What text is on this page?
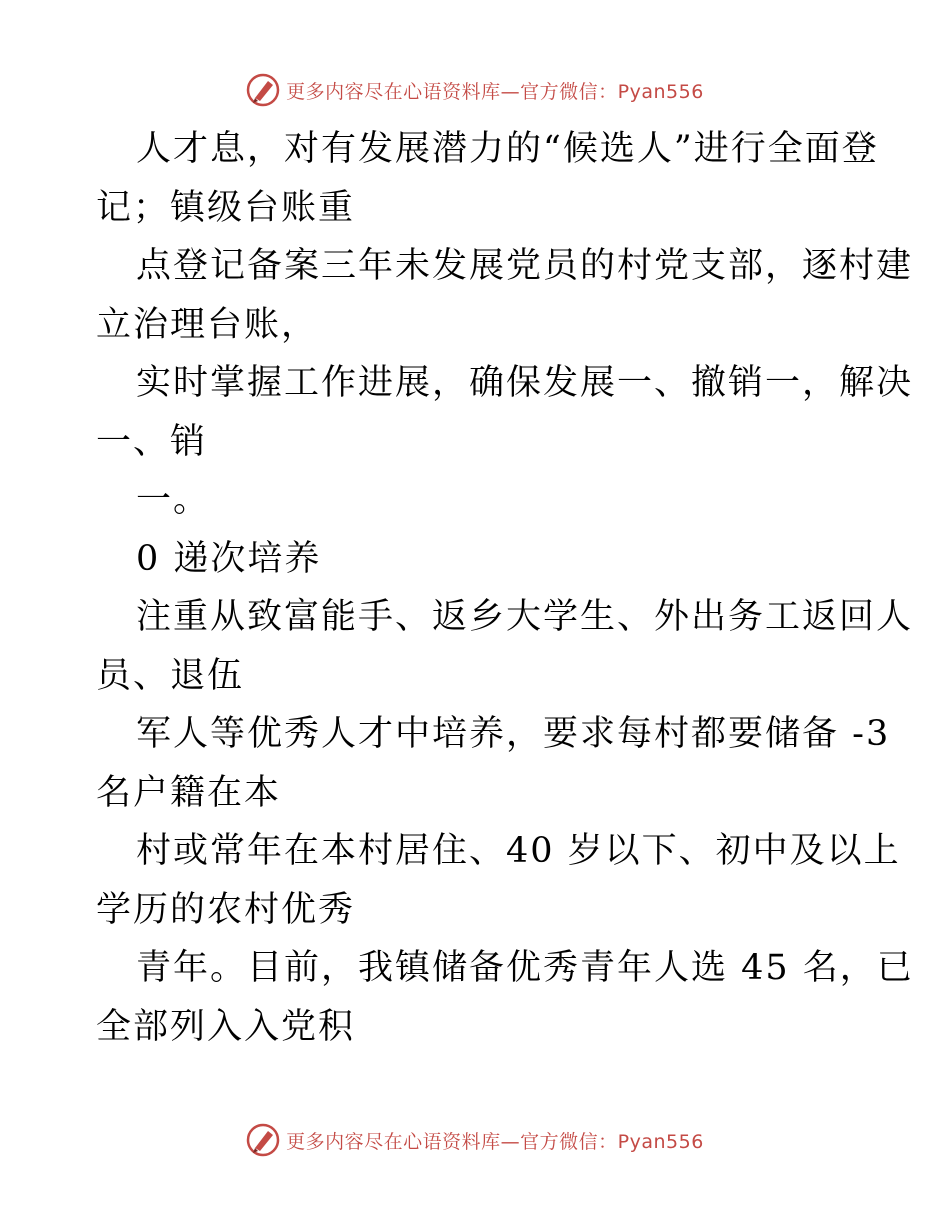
更多内容尽在心语资料库—官方微信：Pyan556
人才息，对有发展潜力的“候选人”进行全面登
记；镇级台账重
点登记备案三年未发展党员的村党支部，逐村建
立治理台账，
实时掌握工作进展，确保发展一、撤销一，解决
一、销
一。
0 递次培养
注重从致富能手、返乡大学生、外出务工返回人
员、退伍
军人等优秀人才中培养，要求每村都要储备 -3
名户籍在本
村或常年在本村居住、40 岁以下、初中及以上
学历的农村优秀
青年。目前，我镇储备优秀青年人选 45 名，已
全部列入入党积
更多内容尽在心语资料库—官方微信：Pyan556
